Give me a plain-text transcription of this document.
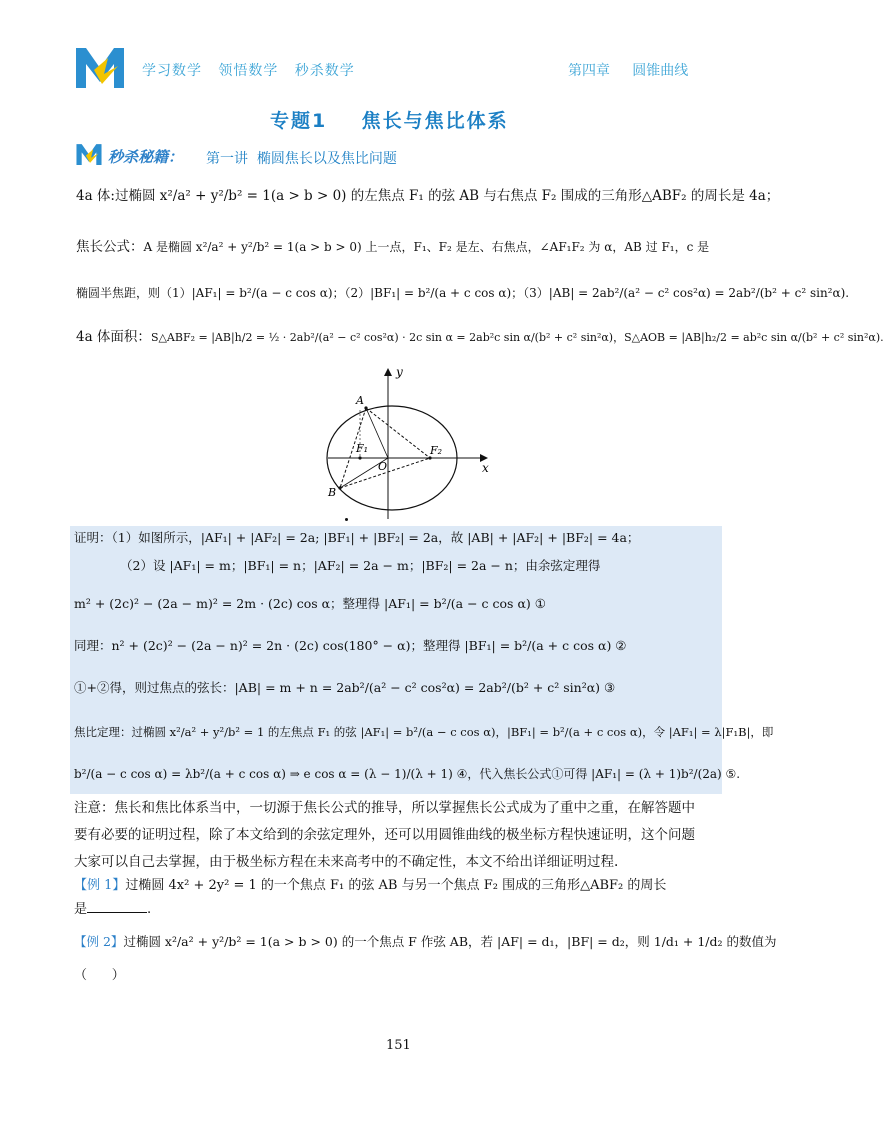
学习数学   领悟数学   秒杀数学	第四章     圆锥曲线
专题1    焦长与焦比体系
秒杀秘籍： 第一讲  椭圆焦长以及焦比问题
4a 体:过椭圆 x²/a² + y²/b² = 1(a > b > 0) 的左焦点 F₁ 的弦 AB 与右焦点 F₂ 围成的三角形△ABF₂ 的周长是 4a；
焦长公式：A 是椭圆 x²/a² + y²/b² = 1(a > b > 0) 上一点，F₁、F₂ 是左、右焦点，∠AF₁F₂ 为 α，AB 过 F₁，c 是
椭圆半焦距，则（1）|AF₁| = b²/(a − c cos α)；（2）|BF₁| = b²/(a + c cos α)；（3）|AB| = 2ab²/(a² − c² cos²α) = 2ab²/(b² + c² sin²α).
4a 体面积：S△ABF₂ = |AB|h/2 = ½ · 2ab²/(a² − c² cos²α) · 2c sin α = 2ab²c sin α/(b² + c² sin²α)，S△AOB = |AB|h₂/2 = ab²c sin α/(b² + c² sin²α).
y
x
A
B
F₁	F₂
O
证明：（1）如图所示，|AF₁| + |AF₂| = 2a; |BF₁| + |BF₂| = 2a，故 |AB| + |AF₂| + |BF₂| = 4a；
（2）设 |AF₁| = m；|BF₁| = n；|AF₂| = 2a − m；|BF₂| = 2a − n；由余弦定理得
m² + (2c)² − (2a − m)² = 2m · (2c) cos α；整理得 |AF₁| = b²/(a − c cos α) ①
同理：n² + (2c)² − (2a − n)² = 2n · (2c) cos(180° − α)；整理得 |BF₁| = b²/(a + c cos α) ②
①+②得，则过焦点的弦长：|AB| = m + n = 2ab²/(a² − c² cos²α) = 2ab²/(b² + c² sin²α) ③
焦比定理：过椭圆 x²/a² + y²/b² = 1 的左焦点 F₁ 的弦 |AF₁| = b²/(a − c cos α)，|BF₁| = b²/(a + c cos α)，令 |AF₁| = λ|F₁B|，即
b²/(a − c cos α) = λb²/(a + c cos α) ⇒ e cos α = (λ − 1)/(λ + 1) ④，代入焦长公式①可得 |AF₁| = (λ + 1)b²/(2a) ⑤.
注意：焦长和焦比体系当中，一切源于焦长公式的推导，所以掌握焦长公式成为了重中之重，在解答题中
要有必要的证明过程，除了本文给到的余弦定理外，还可以用圆锥曲线的极坐标方程快速证明，这个问题
大家可以自己去掌握，由于极坐标方程在未来高考中的不确定性，本文不给出详细证明过程.
【例 1】过椭圆 4x² + 2y² = 1 的一个焦点 F₁ 的弦 AB 与另一个焦点 F₂ 围成的三角形△ABF₂ 的周长
是	.
【例 2】过椭圆 x²/a² + y²/b² = 1(a > b > 0) 的一个焦点 F 作弦 AB，若 |AF| = d₁，|BF| = d₂，则 1/d₁ + 1/d₂ 的数值为
（      ）
151
